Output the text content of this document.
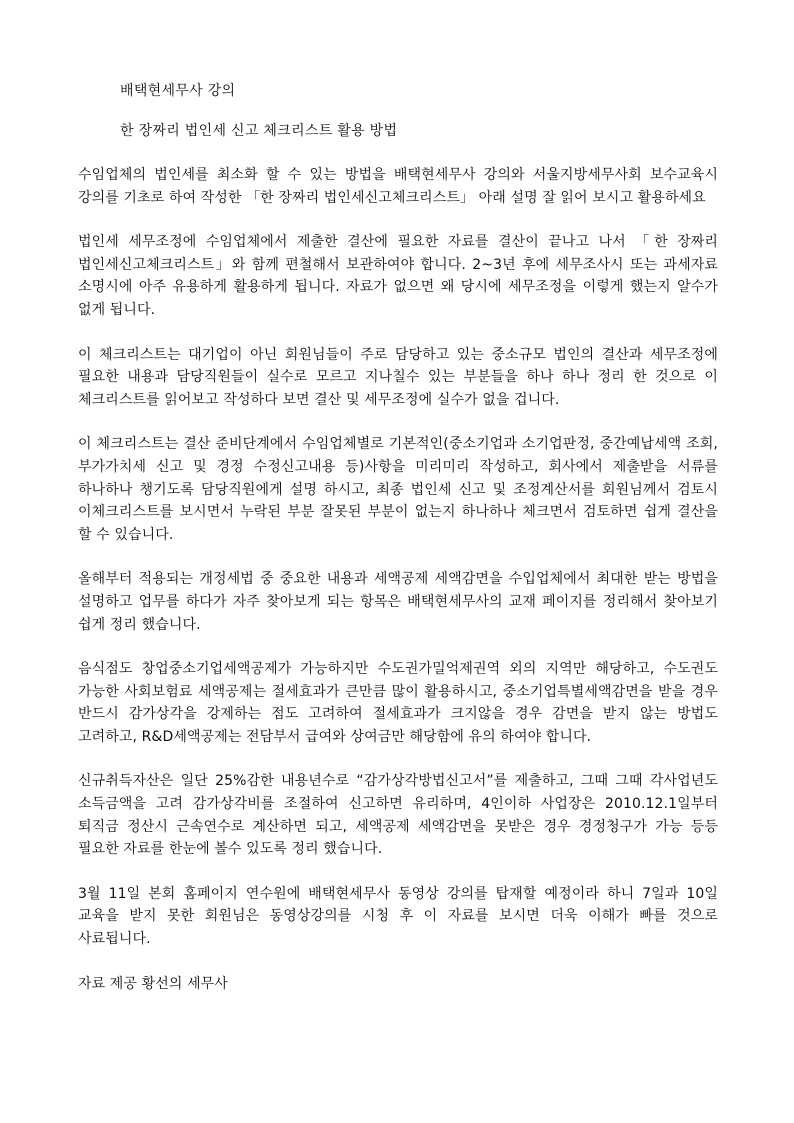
배택현세무사 강의

한 장짜리 법인세 신고 체크리스트 활용 방법

수임업체의 법인세를 최소화 할 수 있는 방법을 배택현세무사 강의와 서울지방세무사회 보수교육시 강의를 기초로 하여 작성한 「한 장짜리 법인세신고체크리스트」 아래 설명 잘 읽어 보시고 활용하세요

법인세 세무조정에 수임업체에서 제출한 결산에 필요한 자료를 결산이 끝나고 나서 「한 장짜리 법인세신고체크리스트」와 함께 편철해서 보관하여야 합니다. 2~3년 후에 세무조사시 또는 과세자료 소명시에 아주 유용하게 활용하게 됩니다. 자료가 없으면 왜 당시에 세무조정을 이렇게 했는지 알수가 없게 됩니다.

이 체크리스트는 대기업이 아닌 회원님들이 주로 담당하고 있는 중소규모 법인의 결산과 세무조정에 필요한 내용과 담당직원들이 실수로 모르고 지나칠수 있는 부분들을 하나 하나 정리 한 것으로 이 체크리스트를 읽어보고 작성하다 보면 결산 및 세무조정에 실수가 없을 겁니다.

이 체크리스트는 결산 준비단계에서 수임업체별로 기본적인(중소기업과 소기업판정, 중간예납세액 조회, 부가가치세 신고 및 경정 수정신고내용 등)사항을 미리미리 작성하고, 회사에서 제출받을 서류를 하나하나 챙기도록 담당직원에게 설명 하시고, 최종 법인세 신고 및 조정계산서를 회원님께서 검토시 이체크리스트를 보시면서 누락된 부분 잘못된 부분이 없는지 하나하나 체크면서 검토하면 쉽게 결산을 할 수 있습니다.

올해부터 적용되는 개정세법 중 중요한 내용과 세액공제 세액감면을 수입업체에서 최대한 받는 방법을 설명하고 업무를 하다가 자주 찾아보게 되는 항목은 배택현세무사의 교재 페이지를 정리해서 찾아보기 쉽게 정리 했습니다.

음식점도 창업중소기업세액공제가 가능하지만 수도권가밀억제권역 외의 지역만 해당하고, 수도권도 가능한 사회보험료 세액공제는 절세효과가 큰만큼 많이 활용하시고, 중소기업특별세액감면을 받을 경우 반드시 감가상각을 강제하는 점도 고려하여 절세효과가 크지않을 경우 감면을 받지 않는 방법도 고려하고, R&D세액공제는 전담부서 급여와 상여금만 해당함에 유의 하여야 합니다.

신규취득자산은 일단 25%감한 내용년수로 “감가상각방법신고서”를 제출하고, 그때 그때 각사업년도 소득금액을 고려 감가상각비를 조절하여 신고하면 유리하며, 4인이하 사업장은 2010.12.1일부터 퇴직금 정산시 근속연수로 계산하면 되고, 세액공제 세액감면을 못받은 경우 경정청구가 가능 등등 필요한 자료를 한눈에 볼수 있도록 정리 했습니다.

3월 11일 본회 홈페이지 연수원에 배택현세무사 동영상 강의를 탑재할 예정이라 하니 7일과 10일 교육을 받지 못한 회원님은 동영상강의를 시청 후 이 자료를 보시면 더욱 이해가 빠를 것으로 사료됩니다.

자료 제공 황선의 세무사
